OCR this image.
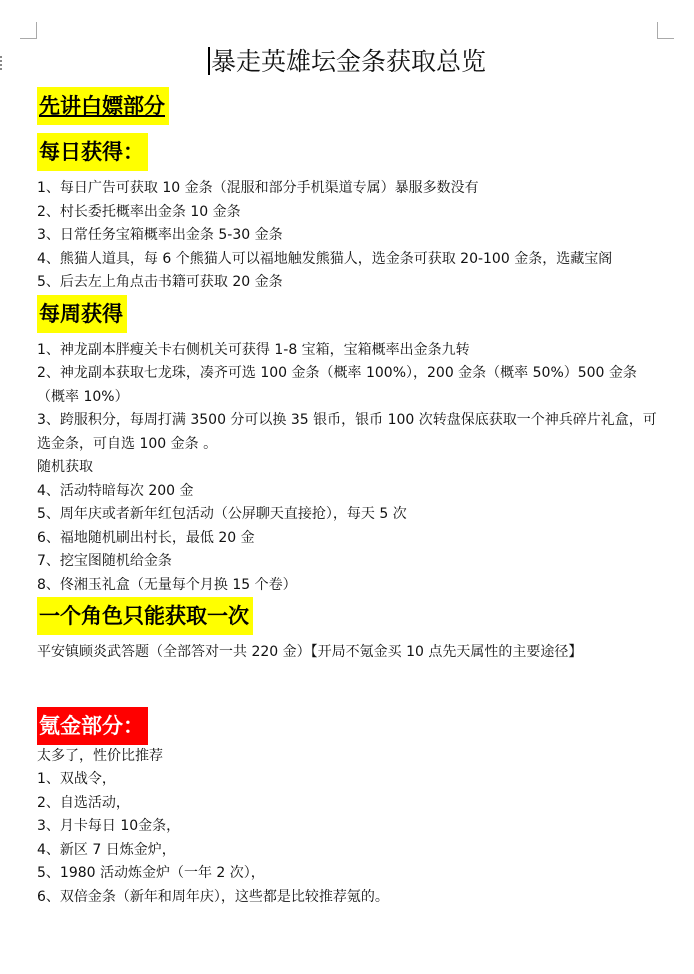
暴走英雄坛金条获取总览
先讲白嫖部分
每日获得：
1、每日广告可获取 10 金条（混服和部分手机渠道专属）暴服多数没有
2、村长委托概率出金条 10 金条
3、日常任务宝箱概率出金条 5-30 金条
4、熊猫人道具，每 6 个熊猫人可以福地触发熊猫人，选金条可获取 20-100 金条，选藏宝阁
5、后去左上角点击书籍可获取 20 金条
每周获得
1、神龙副本胖瘦关卡右侧机关可获得 1-8 宝箱，宝箱概率出金条九转
2、神龙副本获取七龙珠，凑齐可选 100 金条（概率 100%），200 金条（概率 50%）500 金条（概率 10%）
3、跨服积分，每周打满 3500 分可以换 35 银币，银币 100 次转盘保底获取一个神兵碎片礼盒，可选金条，可自选 100 金条 。
随机获取
4、活动特暗每次 200 金
5、周年庆或者新年红包活动（公屏聊天直接抢），每天 5 次
6、福地随机刷出村长，最低 20 金
7、挖宝图随机给金条
8、佟湘玉礼盒（无量每个月换 15 个卷）
一个角色只能获取一次
平安镇顾炎武答题（全部答对一共 220 金）【开局不氪金买 10 点先天属性的主要途径】
氪金部分：
太多了，性价比推荐
1、双战令，
2、自选活动，
3、月卡每日 10金条，
4、新区 7 日炼金炉，
5、1980 活动炼金炉（一年 2 次），
6、双倍金条（新年和周年庆），这些都是比较推荐氪的。
